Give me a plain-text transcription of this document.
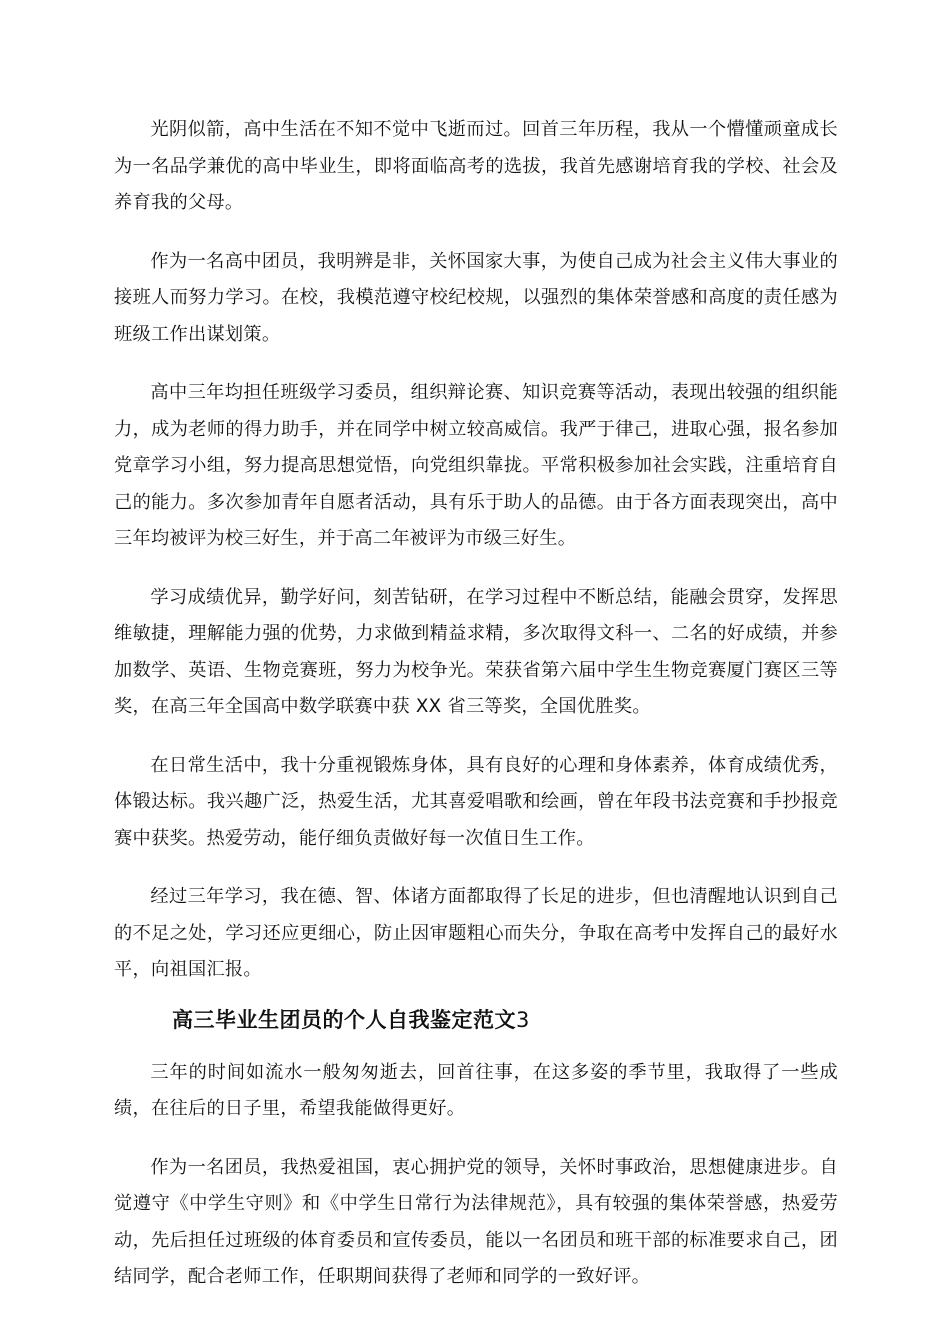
光阴似箭，高中生活在不知不觉中飞逝而过。回首三年历程，我从一个懵懂顽童成长为一名品学兼优的高中毕业生，即将面临高考的选拔，我首先感谢培育我的学校、社会及养育我的父母。

作为一名高中团员，我明辨是非，关怀国家大事，为使自己成为社会主义伟大事业的接班人而努力学习。在校，我模范遵守校纪校规，以强烈的集体荣誉感和高度的责任感为班级工作出谋划策。

高中三年均担任班级学习委员，组织辩论赛、知识竞赛等活动，表现出较强的组织能力，成为老师的得力助手，并在同学中树立较高威信。我严于律己，进取心强，报名参加党章学习小组，努力提高思想觉悟，向党组织靠拢。平常积极参加社会实践，注重培育自己的能力。多次参加青年自愿者活动，具有乐于助人的品德。由于各方面表现突出，高中三年均被评为校三好生，并于高二年被评为市级三好生。

学习成绩优异，勤学好问，刻苦钻研，在学习过程中不断总结，能融会贯穿，发挥思维敏捷，理解能力强的优势，力求做到精益求精，多次取得文科一、二名的好成绩，并参加数学、英语、生物竞赛班，努力为校争光。荣获省第六届中学生生物竞赛厦门赛区三等奖，在高三年全国高中数学联赛中获 XX 省三等奖，全国优胜奖。

在日常生活中，我十分重视锻炼身体，具有良好的心理和身体素养，体育成绩优秀，体锻达标。我兴趣广泛，热爱生活，尤其喜爱唱歌和绘画，曾在年段书法竞赛和手抄报竞赛中获奖。热爱劳动，能仔细负责做好每一次值日生工作。

经过三年学习，我在德、智、体诸方面都取得了长足的进步，但也清醒地认识到自己的不足之处，学习还应更细心，防止因审题粗心而失分，争取在高考中发挥自己的最好水平，向祖国汇报。

高三毕业生团员的个人自我鉴定范文3

三年的时间如流水一般匆匆逝去，回首往事，在这多姿的季节里，我取得了一些成绩，在往后的日子里，希望我能做得更好。

作为一名团员，我热爱祖国，衷心拥护党的领导，关怀时事政治，思想健康进步。自觉遵守《中学生守则》和《中学生日常行为法律规范》，具有较强的集体荣誉感，热爱劳动，先后担任过班级的体育委员和宣传委员，能以一名团员和班干部的标准要求自己，团结同学，配合老师工作，任职期间获得了老师和同学的一致好评。
